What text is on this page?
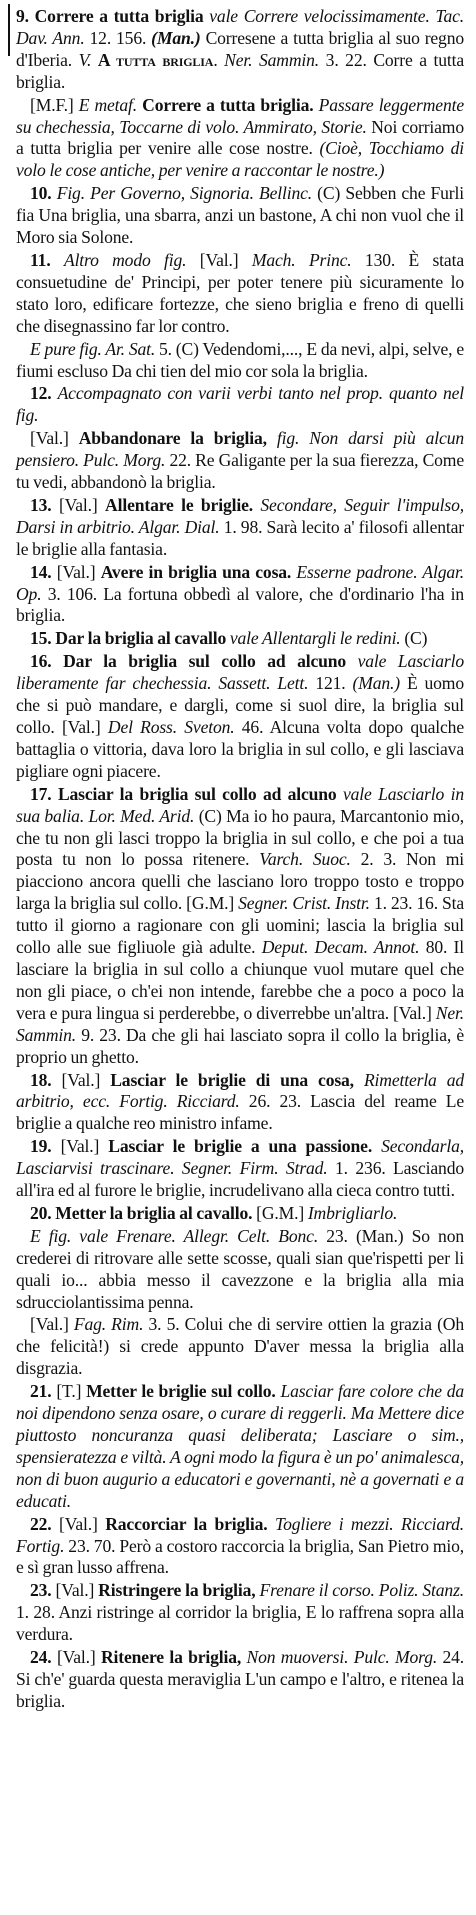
9. Correre a tutta briglia vale Correre velocissimamente. Tac. Dav. Ann. 12. 156. (Man.) Corresene a tutta briglia al suo regno d'Iberia. V. A tutta briglia. Ner. Sammin. 3. 22. Corre a tutta briglia.

[M.F.] E metaf. Correre a tutta briglia. Passare leggermente su chechessia, Toccarne di volo. Ammirato, Storie. Noi corriamo a tutta briglia per venire alle cose nostre. (Cioè, Tocchiamo di volo le cose antiche, per venire a raccontar le nostre.)

10. Fig. Per Governo, Signoria. Bellinc. (C) Sebben che Furli fia Una briglia, una sbarra, anzi un bastone, A chi non vuol che il Moro sia Solone.

11. Altro modo fig. [Val.] Mach. Princ. 130. È stata consuetudine de' Principi, per poter tenere più sicuramente lo stato loro, edificare fortezze, che sieno briglia e freno di quelli che disegnassino far lor contro.

E pure fig. Ar. Sat. 5. (C) Vedendomi,..., E da nevi, alpi, selve, e fiumi escluso Da chi tien del mio cor sola la briglia.

12. Accompagnato con varii verbi tanto nel prop. quanto nel fig.

[Val.] Abbandonare la briglia, fig. Non darsi più alcun pensiero. Pulc. Morg. 22. Re Galigante per la sua fierezza, Come tu vedi, abbandonò la briglia.

13. [Val.] Allentare le briglie. Secondare, Seguir l'impulso, Darsi in arbitrio. Algar. Dial. 1. 98. Sarà lecito a' filosofi allentar le briglie alla fantasia.

14. [Val.] Avere in briglia una cosa. Esserne padrone. Algar. Op. 3. 106. La fortuna obbedì al valore, che d'ordinario l'ha in briglia.

15. Dar la briglia al cavallo vale Allentargli le redini. (C)

16. Dar la briglia sul collo ad alcuno vale Lasciarlo liberamente far chechessia. Sassett. Lett. 121. (Man.) È uomo che si può mandare, e dargli, come si suol dire, la briglia sul collo. [Val.] Del Ross. Sveton. 46. Alcuna volta dopo qualche battaglia o vittoria, dava loro la briglia in sul collo, e gli lasciava pigliare ogni piacere.

17. Lasciar la briglia sul collo ad alcuno vale Lasciarlo in sua balia. Lor. Med. Arid. (C) Ma io ho paura, Marcantonio mio, che tu non gli lasci troppo la briglia in sul collo, e che poi a tua posta tu non lo possa ritenere. Varch. Suoc. 2. 3. Non mi piacciono ancora quelli che lasciano loro troppo tosto e troppo larga la briglia sul collo. [G.M.] Segner. Crist. Instr. 1. 23. 16. Sta tutto il giorno a ragionare con gli uomini; lascia la briglia sul collo alle sue figliuole già adulte. Deput. Decam. Annot. 80. Il lasciare la briglia in sul collo a chiunque vuol mutare quel che non gli piace, o ch'ei non intende, farebbe che a poco a poco la vera e pura lingua si perderebbe, o diverrebbe un'altra. [Val.] Ner. Sammin. 9. 23. Da che gli hai lasciato sopra il collo la briglia, è proprio un ghetto.

18. [Val.] Lasciar le briglie di una cosa, Rimetterla ad arbitrio, ecc. Fortig. Ricciard. 26. 23. Lascia del reame Le briglie a qualche reo ministro infame.

19. [Val.] Lasciar le briglie a una passione. Secondarla, Lasciarvisi trascinare. Segner. Firm. Strad. 1. 236. Lasciando all'ira ed al furore le briglie, incrudelivano alla cieca contro tutti.

20. Metter la briglia al cavallo. [G.M.] Imbrigliarlo.

E fig. vale Frenare. Allegr. Celt. Bonc. 23. (Man.) So non crederei di ritrovare alle sette scosse, quali sian que'rispetti per li quali io... abbia messo il cavezzone e la briglia alla mia sdrucciolantissima penna.

[Val.] Fag. Rim. 3. 5. Colui che di servire ottien la grazia (Oh che felicità!) si crede appunto D'aver messa la briglia alla disgrazia.

21. [T.] Metter le briglie sul collo. Lasciar fare colore che da noi dipendono senza osare, o curare di reggerli. Ma Mettere dice piuttosto noncuranza quasi deliberata; Lasciare o sim., spensieratezza e viltà. A ogni modo la figura è un po' animalesca, non di buon augurio a educatori e governanti, nè a governati e a educati.

22. [Val.] Raccorciar la briglia. Togliere i mezzi. Ricciard. Fortig. 23. 70. Però a costoro raccorcia la briglia, San Pietro mio, e sì gran lusso affrena.

23. [Val.] Ristringere la briglia, Frenare il corso. Poliz. Stanz. 1. 28. Anzi ristringe al corridor la briglia, E lo raffrena sopra alla verdura.

24. [Val.] Ritenere la briglia, Non muoversi. Pulc. Morg. 24. Si ch'e' guarda questa meraviglia L'un campo e l'altro, e ritenea la briglia.
